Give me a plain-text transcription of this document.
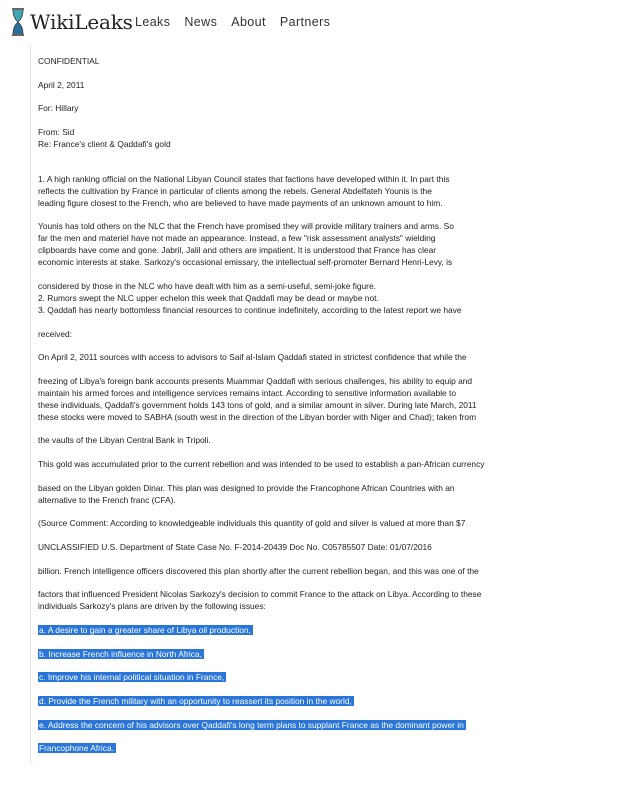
WikiLeaks Leaks News About Partners
CONFIDENTIAL
April 2, 2011
For: Hillary
From: Sid
Re: France's client & Qaddafi's gold
1. A high ranking official on the National Libyan Council states that factions have developed within it. In part this
reflects the cultivation by France in particular of clients among the rebels. General Abdelfateh Younis is the
leading figure closest to the French, who are believed to have made payments of an unknown amount to him.
Younis has told others on the NLC that the French have promised they will provide military trainers and arms. So
far the men and materiel have not made an appearance. Instead, a few "risk assessment analysts" wielding
clipboards have come and gone. Jabril, Jalil and others are impatient. It is understood that France has clear
economic interests at stake. Sarkozy's occasional emissary, the intellectual self-promoter Bernard Henri-Levy, is
considered by those in the NLC who have dealt with him as a semi-useful, semi-joke figure.
2. Rumors swept the NLC upper echelon this week that Qaddafi may be dead or maybe not.
3. Qaddafi has nearly bottomless financial resources to continue indefinitely, according to the latest report we have
received:
On April 2, 2011 sources with access to advisors to Saif al-Islam Qaddafi stated in strictest confidence that while the
freezing of Libya's foreign bank accounts presents Muammar Qaddafi with serious challenges, his ability to equip and
maintain his armed forces and intelligence services remains intact. According to sensitive information available to
these individuals, Qaddafi's government holds 143 tons of gold, and a similar amount in silver. During late March, 2011
these stocks were moved to SABHA (south west in the direction of the Libyan border with Niger and Chad); taken from
the vaults of the Libyan Central Bank in Tripoli.
This gold was accumulated prior to the current rebellion and was intended to be used to establish a pan-African currency
based on the Libyan golden Dinar. This plan was designed to provide the Francophone African Countries with an
alternative to the French franc (CFA).
(Source Comment: According to knowledgeable individuals this quantity of gold and silver is valued at more than $7
UNCLASSIFIED U.S. Department of State Case No. F-2014-20439 Doc No. C05785507 Date: 01/07/2016
billion. French intelligence officers discovered this plan shortly after the current rebellion began, and this was one of the
factors that influenced President Nicolas Sarkozy's decision to commit France to the attack on Libya. According to these
individuals Sarkozy's plans are driven by the following issues:
a. A desire to gain a greater share of Libya oil production,
b. Increase French influence in North Africa,
c. Improve his internal political situation in France,
d. Provide the French military with an opportunity to reassert its position in the world,
e. Address the concern of his advisors over Qaddafi's long term plans to supplant France as the dominant power in
Francophone Africa.
